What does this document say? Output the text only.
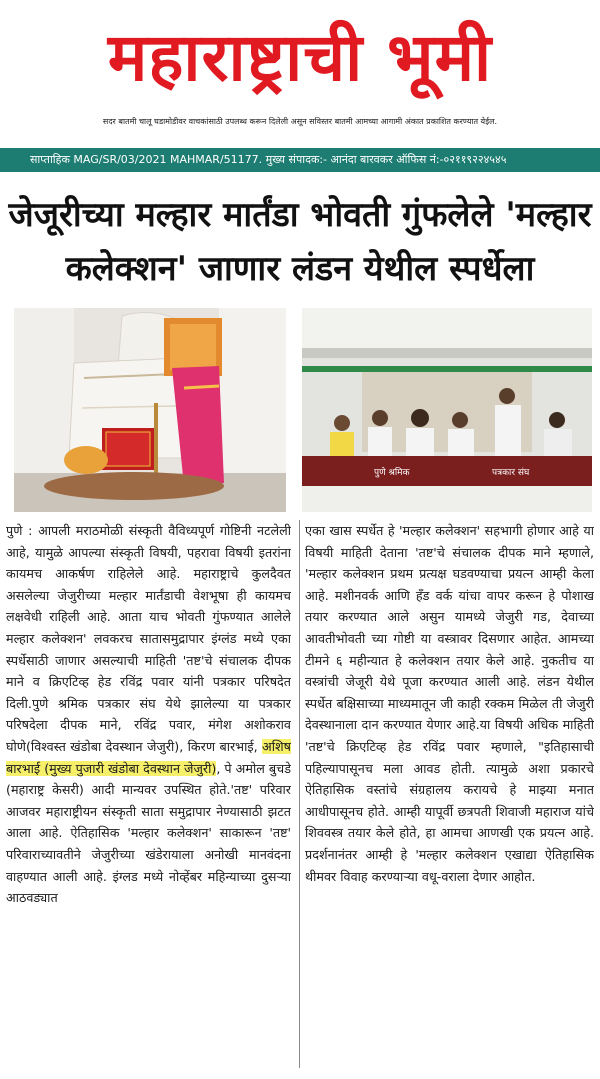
महाराष्ट्राची भूमी
सदर बातमी चालू घडामोडीवर वाचकांसाठी उपलब्ध करून दिलेली असून सविस्तर बातमी आमच्या आगामी अंकात प्रकाशित करण्यात येईल.
साप्ताहिक MAG/SR/03/2021 MAHMAR/51177. मुख्य संपादक:- आनंदा बारवकर ऑफिस नं:-०२११९२२४५४५
जेजूरीच्या मल्हार मार्तंडा भोवती गुंफलेले 'मल्हार
कलेक्शन' जाणार लंडन येथील स्पर्धेला
पुणे श्रमिक	पत्रकार संघ

पुणे : आपली मराठमोळी संस्कृती वैविध्यपूर्ण गोष्टिनी नटलेली आहे, यामुळे आपल्या संस्कृती विषयी, पहरावा विषयी इतरांना कायमच आकर्षण राहिलेले आहे. महाराष्ट्राचे कुलदैवत असलेल्या जेजुरीच्या मल्हार मार्तंडाची वेशभूषा ही कायमच लक्षवेधी राहिली आहे. आता याच भोवती गुंफण्यात आलेले मल्हार कलेक्शन' लवकरच सातासमुद्रापार इंग्लंड मध्ये एका स्पर्धेसाठी जाणार असल्याची माहिती 'तष्ट'चे संचालक दीपक माने व क्रिएटिव्ह हेड रविंद्र पवार यांनी पत्रकार परिषदेत दिली.पुणे श्रमिक पत्रकार संघ येथे झालेल्या या पत्रकार परिषदेला दीपक माने, रविंद्र पवार, मंगेश अशोकराव घोणे(विश्वस्त खंडोबा देवस्थान जेजुरी), किरण बारभाई, अशिष बारभाई (मुख्य पुजारी खंडोबा देवस्थान जेजुरी), पे अमोल बुचडे (महाराष्ट्र केसरी) आदी मान्यवर उपस्थित होते.'तष्ट' परिवार आजवर महाराष्ट्रीयन संस्कृती साता समुद्रापार नेण्यासाठी झटत आला आहे. ऐतिहासिक 'मल्हार कलेक्शन' साकारून 'तष्ट' परिवाराच्यावतीने जेजुरीच्या खंडेरायाला अनोखी मानवंदना वाहण्यात आली आहे. इंग्लड मध्ये नोव्हेंबर महिन्याच्या दुसऱ्या आठवड्यात

एका खास स्पर्धेत हे 'मल्हार कलेक्शन' सहभागी होणार आहे या विषयी माहिती देताना 'तष्ट'चे संचालक दीपक माने म्हणाले, 'मल्हार कलेक्शन प्रथम प्रत्यक्ष घडवण्याचा प्रयत्न आम्ही केला आहे. मशीनवर्क आणि हँड वर्क यांचा वापर करून हे पोशाख तयार करण्यात आले असुन यामध्ये जेजुरी गड, देवाच्या आवतीभोवती च्या गोष्टी या वस्त्रावर दिसणार आहेत. आमच्या टीमने ६ महीन्यात हे कलेक्शन तयार केले आहे. नुकतीच या वस्त्रांची जेजूरी येथे पूजा करण्यात आली आहे. लंडन येथील स्पर्धेत बक्षिसाच्या माध्यमातून जी काही रक्कम मिळेल ती जेजुरी देवस्थानाला दान करण्यात येणार आहे.या विषयी अधिक माहिती 'तष्ट'चे क्रिएटिव्ह हेड रविंद्र पवार म्हणाले, "इतिहासाची पहिल्यापासूनच मला आवड होती. त्यामुळे अशा प्रकारचे ऐतिहासिक वस्तांचे संग्रहालय करायचे हे माझ्या मनात आधीपासूनच होते. आम्ही यापूर्वी छत्रपती शिवाजी महाराज यांचे शिववस्त्र तयार केले होते, हा आमचा आणखी एक प्रयत्न आहे. प्रदर्शनानंतर आम्ही हे 'मल्हार कलेक्शन एखाद्या ऐतिहासिक थीमवर विवाह करण्याऱ्या वधू-वराला देणार आहोत.
